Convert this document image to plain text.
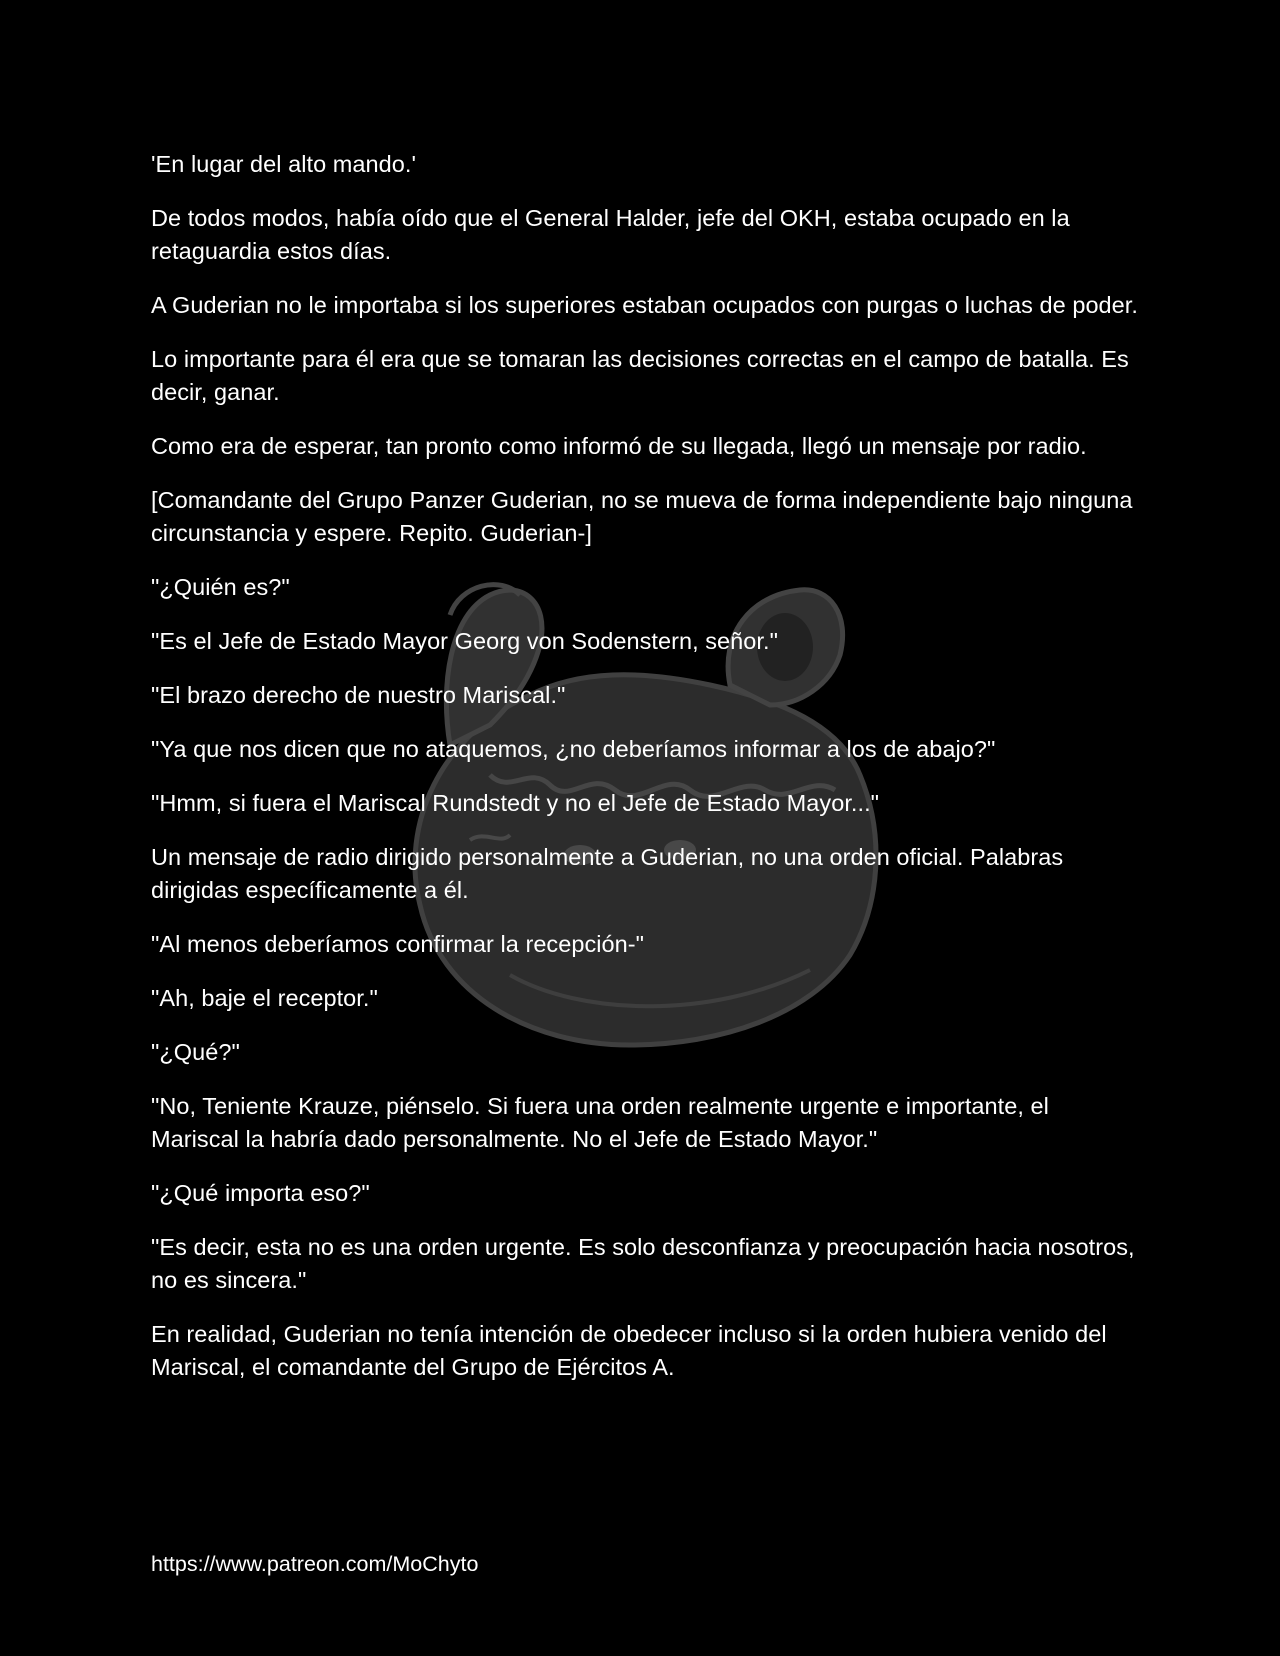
'En lugar del alto mando.'

De todos modos, había oído que el General Halder, jefe del OKH, estaba ocupado en la retaguardia estos días.

A Guderian no le importaba si los superiores estaban ocupados con purgas o luchas de poder.

Lo importante para él era que se tomaran las decisiones correctas en el campo de batalla. Es decir, ganar.

Como era de esperar, tan pronto como informó de su llegada, llegó un mensaje por radio.

[Comandante del Grupo Panzer Guderian, no se mueva de forma independiente bajo ninguna circunstancia y espere. Repito. Guderian-]

"¿Quién es?"

"Es el Jefe de Estado Mayor Georg von Sodenstern, señor."

"El brazo derecho de nuestro Mariscal."

"Ya que nos dicen que no ataquemos, ¿no deberíamos informar a los de abajo?"

"Hmm, si fuera el Mariscal Rundstedt y no el Jefe de Estado Mayor..."

Un mensaje de radio dirigido personalmente a Guderian, no una orden oficial. Palabras dirigidas específicamente a él.

"Al menos deberíamos confirmar la recepción-"

"Ah, baje el receptor."

"¿Qué?"

"No, Teniente Krauze, piénselo. Si fuera una orden realmente urgente e importante, el Mariscal la habría dado personalmente. No el Jefe de Estado Mayor."

"¿Qué importa eso?"

"Es decir, esta no es una orden urgente. Es solo desconfianza y preocupación hacia nosotros, no es sincera."

En realidad, Guderian no tenía intención de obedecer incluso si la orden hubiera venido del Mariscal, el comandante del Grupo de Ejércitos A.

https://www.patreon.com/MoChyto
